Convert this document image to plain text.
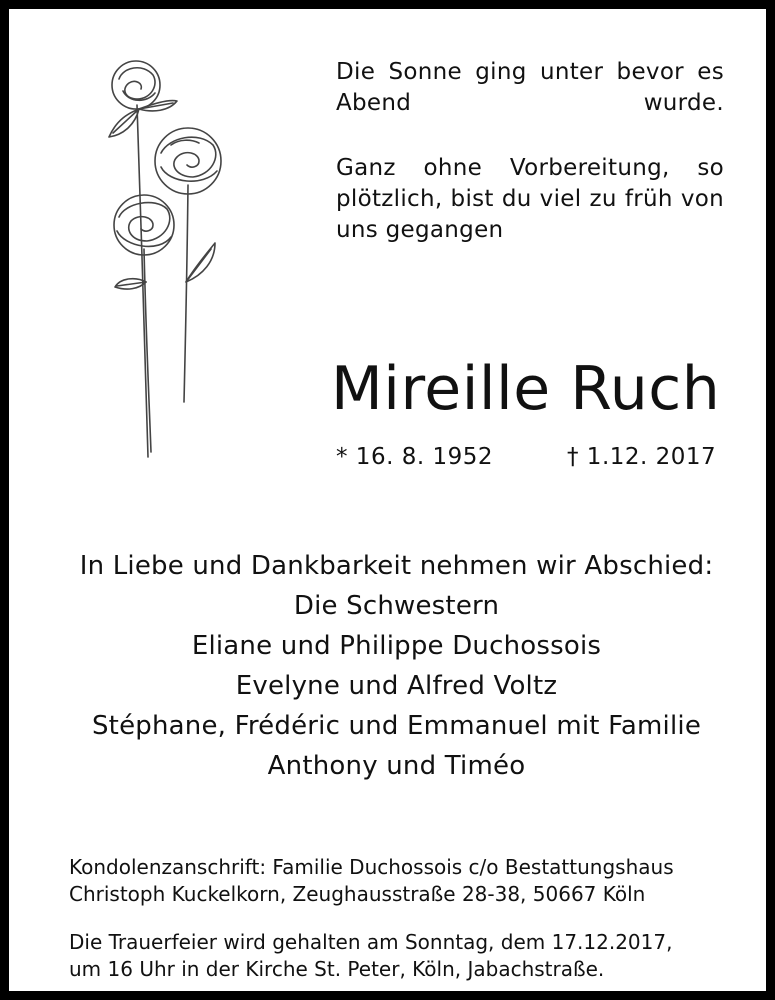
Die Sonne ging unter bevor es Abend wurde.

Ganz ohne Vorbereitung, so plötzlich, bist du viel zu früh von uns gegangen

Mireille Ruch
* 16. 8. 1952	† 1.12. 2017
In Liebe und Dankbarkeit nehmen wir Abschied:
Die Schwestern
Eliane und Philippe Duchossois
Evelyne und Alfred Voltz
Stéphane, Frédéric und Emmanuel mit Familie
Anthony und Timéo
Kondolenzanschrift: Familie Duchossois c/o Bestattungshaus
Christoph Kuckelkorn, Zeughausstraße 28-38, 50667 Köln
Die Trauerfeier wird gehalten am Sonntag, dem 17.12.2017,
um 16 Uhr in der Kirche St. Peter, Köln, Jabachstraße.
